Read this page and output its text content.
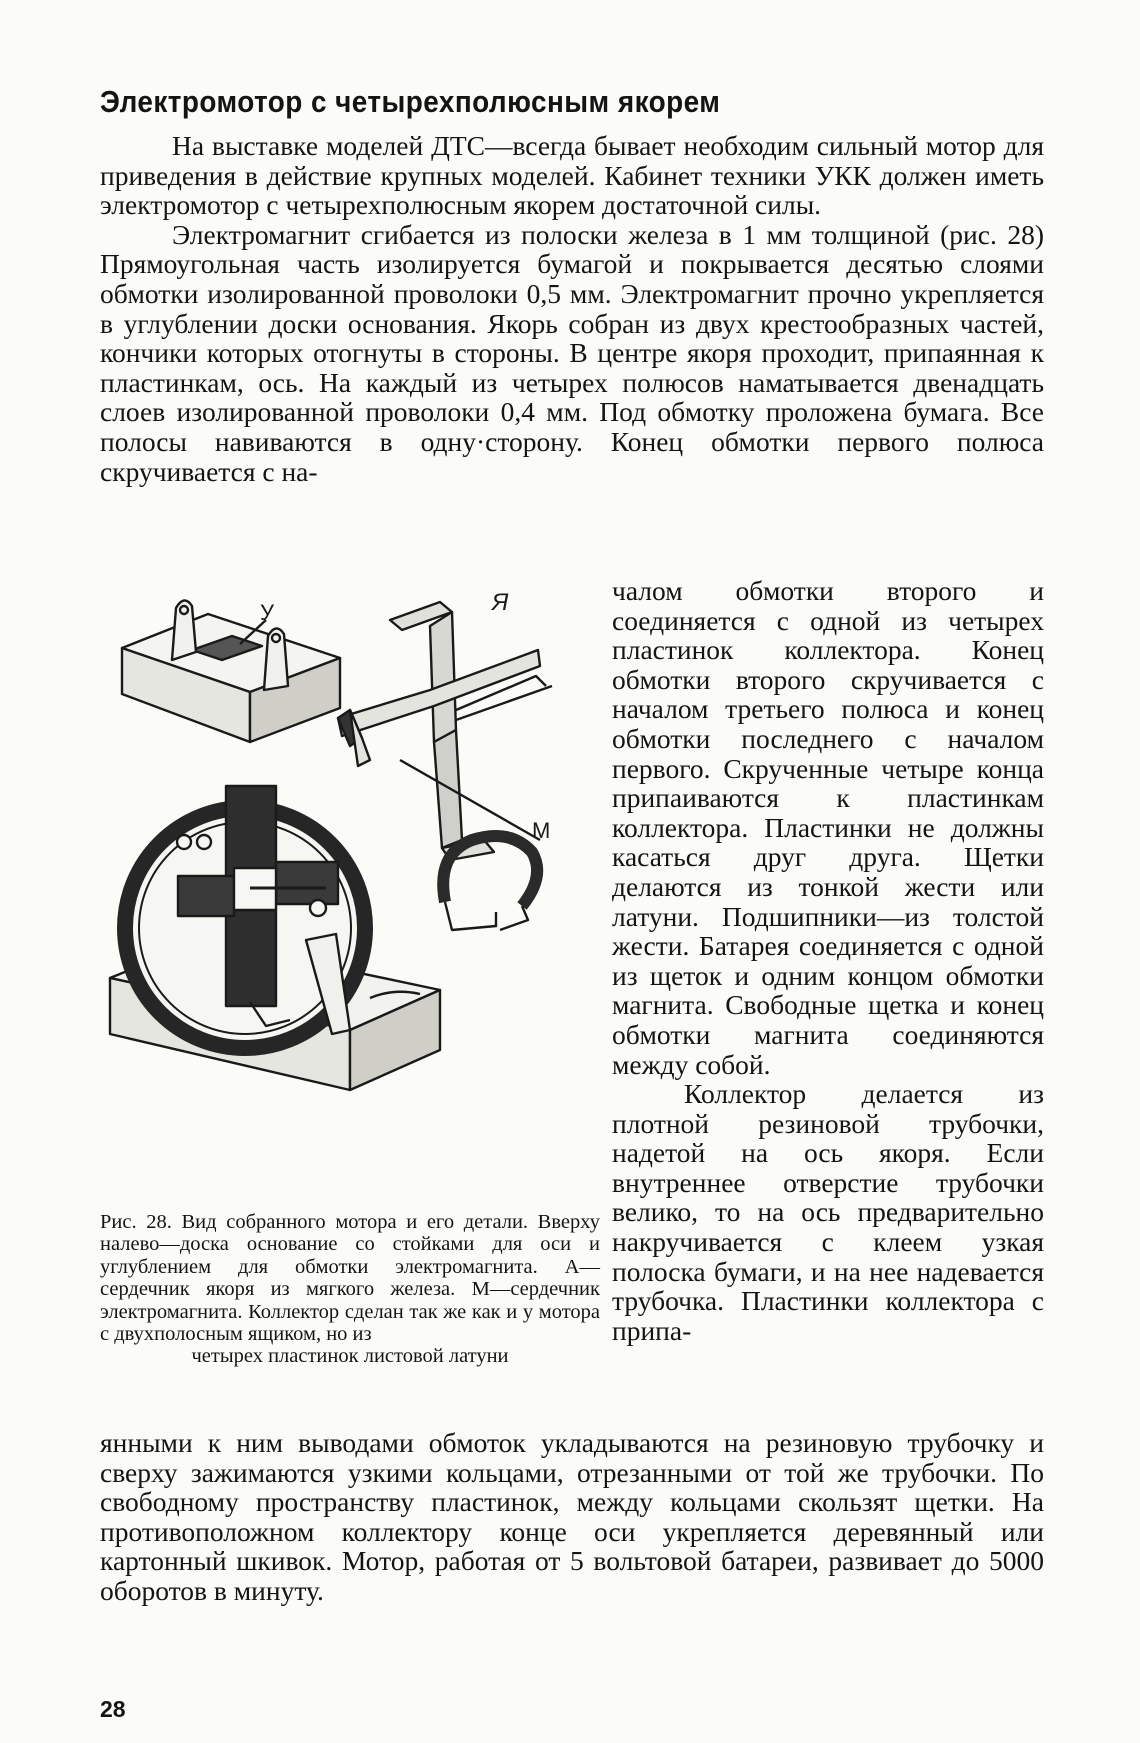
Электромотор с четырехполюсным якорем

На выставке моделей ДТС—всегда бывает необходим сильный мотор для приведения в действие крупных моделей. Кабинет техники УКК должен иметь электромотор с четырехполюсным якорем достаточной силы.

Электромагнит сгибается из полоски железа в 1 мм толщиной (рис. 28) Прямоугольная часть изолируется бумагой и покрывается десятью слоями обмотки изолированной проволоки 0,5 мм. Электромагнит прочно укрепляется в углублении доски основания. Якорь собран из двух крестообразных частей, кончики которых отогнуты в стороны. В центре якоря проходит, припаянная к пластинкам, ось. На каждый из четырех полюсов наматывается двенадцать слоев изолированной проволоки 0,4 мм. Под обмотку проложена бумага. Все полосы навиваются в одну·сторону. Конец обмотки первого полюса скручивается с на-

У	Я
М

Рис. 28. Вид собранного мотора и его детали. Вверху налево—доска основание со стойками для оси и углублением для обмотки электромагнита. А—сердечник якоря из мягкого железа. М—сердечник электромагнита. Коллектор сделан так же как и у мотора с двухполосным ящиком, но из
четырех пластинок листовой латуни

чалом обмотки второго и соединяется с одной из четырех пластинок коллектора. Конец обмотки второго скручивается с началом третьего полюса и конец обмотки последнего с началом первого. Скрученные четыре конца припаиваются к пластинкам коллектора. Пластинки не должны касаться друг друга. Щетки делаются из тонкой жести или латуни. Подшипники—из толстой жести. Батарея соединяется с одной из щеток и одним концом обмотки магнита. Свободные щетка и конец обмотки магнита соединяются между собой.

Коллектор делается из плотной резиновой трубочки, надетой на ось якоря. Если внутреннее отверстие трубочки велико, то на ось предварительно накручивается с клеем узкая полоска бумаги, и на нее надевается трубочка. Пластинки коллектора с припа-

янными к ним выводами обмоток укладываются на резиновую трубочку и сверху зажимаются узкими кольцами, отрезанными от той же трубочки. По свободному пространству пластинок, между кольцами скользят щетки. На противоположном коллектору конце оси укрепляется деревянный или картонный шкивок. Мотор, работая от 5 вольтовой батареи, развивает до 5000 оборотов в минуту.

28
